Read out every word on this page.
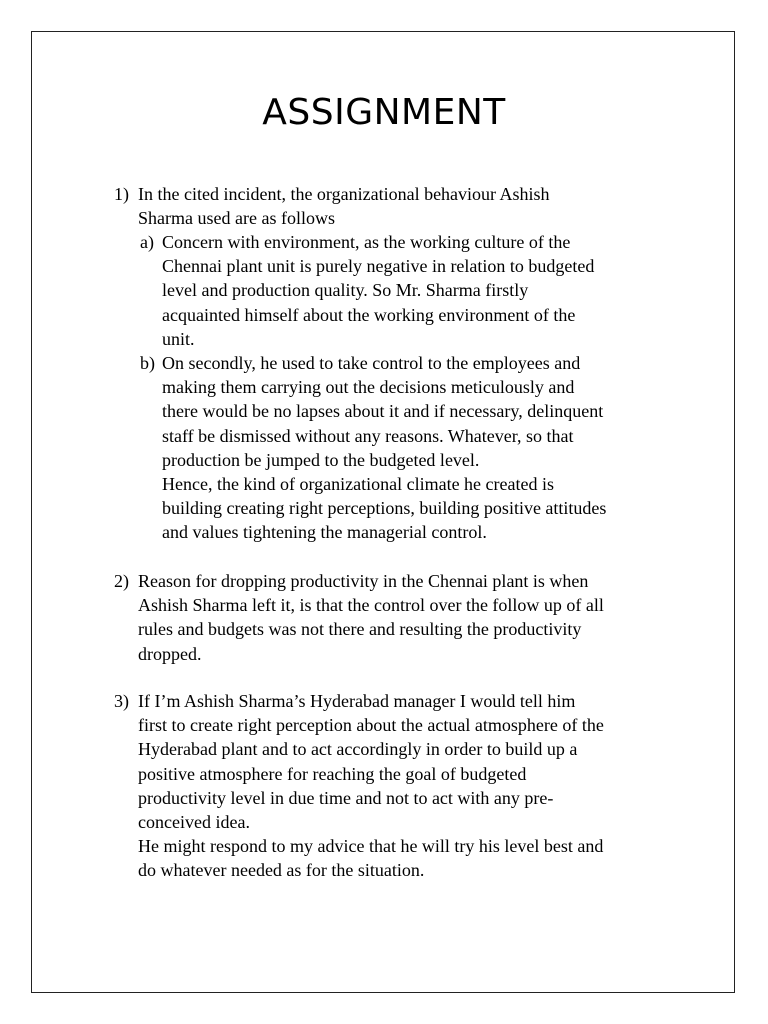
ASSIGNMENT
1) In the cited incident, the organizational behaviour Ashish
Sharma used are as follows
a) Concern with environment, as the working culture of the
Chennai plant unit is purely negative in relation to budgeted
level and production quality. So Mr. Sharma firstly
acquainted himself about the working environment of the
unit.
b) On secondly, he used to take control to the employees and
making them carrying out the decisions meticulously and
there would be no lapses about it and if necessary, delinquent
staff be dismissed without any reasons. Whatever, so that
production be jumped to the budgeted level.
Hence, the kind of organizational climate he created is
building creating right perceptions, building positive attitudes
and values tightening the managerial control.
2) Reason for dropping productivity in the Chennai plant is when
Ashish Sharma left it, is that the control over the follow up of all
rules and budgets was not there and resulting the productivity
dropped.
3) If I’m Ashish Sharma’s Hyderabad manager I would tell him
first to create right perception about the actual atmosphere of the
Hyderabad plant and to act accordingly in order to build up a
positive atmosphere for reaching the goal of budgeted
productivity level in due time and not to act with any pre-
conceived idea.
He might respond to my advice that he will try his level best and
do whatever needed as for the situation.
